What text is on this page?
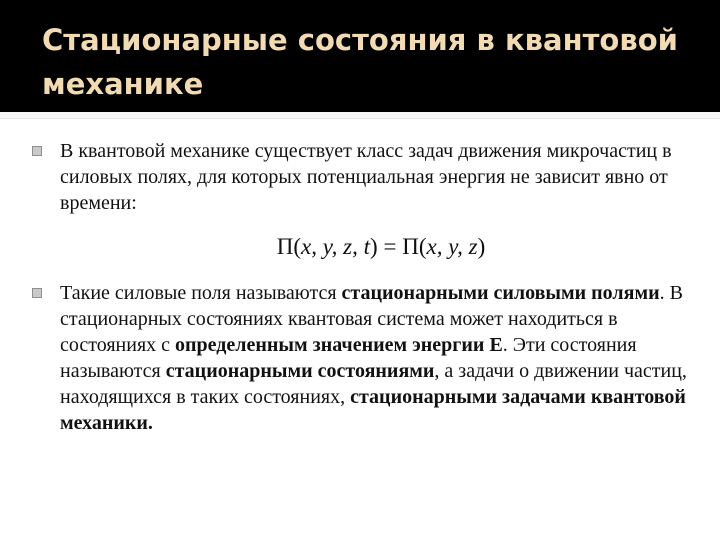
Стационарные состояния в квантовой механике
В квантовой механике существует класс задач движения микрочастиц в силовых полях, для которых потенциальная энергия не зависит явно от времени:
Π(x, y, z, t) = Π(x, y, z)
Такие силовые поля называются стационарными силовыми полями. В стационарных состояниях квантовая система может находиться в состояниях с определенным значением энергии E. Эти состояния называются стационарными состояниями, а задачи о движении частиц, находящихся в таких состояниях, стационарными задачами квантовой механики.
